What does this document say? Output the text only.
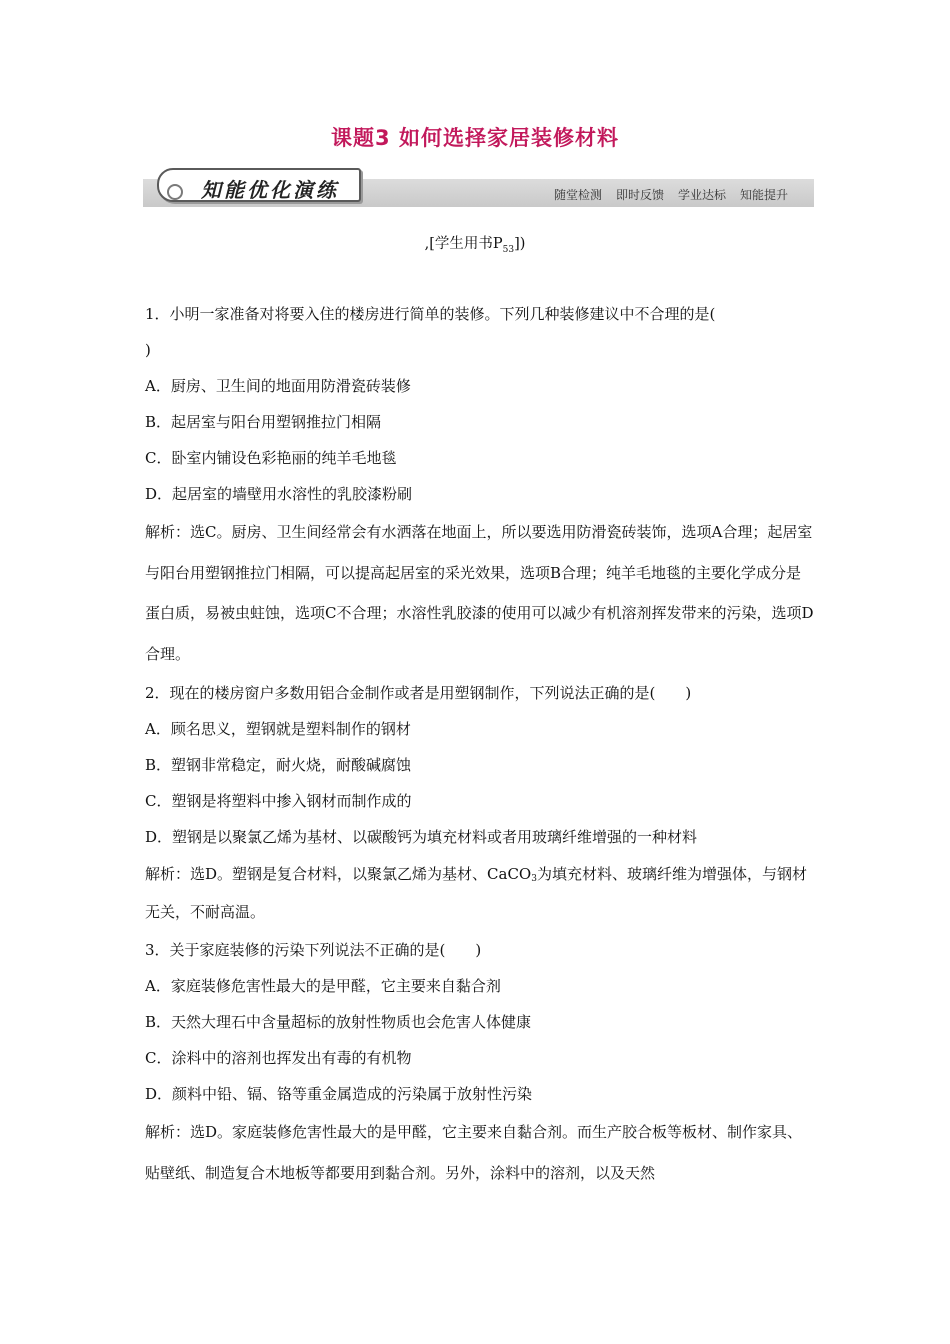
课题3 如何选择家居装修材料
知能优化演练	随堂检测 即时反馈 学业达标 知能提升
,[学生用书$P_{53}$])
1．小明一家准备对将要入住的楼房进行简单的装修。下列几种装修建议中不合理的是(
)
A．厨房、卫生间的地面用防滑瓷砖装修
B．起居室与阳台用塑钢推拉门相隔
C．卧室内铺设色彩艳丽的纯羊毛地毯
D．起居室的墙壁用水溶性的乳胶漆粉刷
解析：选C。厨房、卫生间经常会有水洒落在地面上，所以要选用防滑瓷砖装饰，选项A合理；起居室与阳台用塑钢推拉门相隔，可以提高起居室的采光效果，选项B合理；纯羊毛地毯的主要化学成分是蛋白质，易被虫蛀蚀，选项C不合理；水溶性乳胶漆的使用可以减少有机溶剂挥发带来的污染，选项D合理。
2．现在的楼房窗户多数用铝合金制作或者是用塑钢制作，下列说法正确的是(　　)
A．顾名思义，塑钢就是塑料制作的钢材
B．塑钢非常稳定，耐火烧，耐酸碱腐蚀
C．塑钢是将塑料中掺入钢材而制作成的
D．塑钢是以聚氯乙烯为基材、以碳酸钙为填充材料或者用玻璃纤维增强的一种材料
解析：选D。塑钢是复合材料，以聚氯乙烯为基材、CaCO$_3$为填充材料、玻璃纤维为增强体，与钢材无关，不耐高温。
3．关于家庭装修的污染下列说法不正确的是(　　)
A．家庭装修危害性最大的是甲醛，它主要来自黏合剂
B．天然大理石中含量超标的放射性物质也会危害人体健康
C．涂料中的溶剂也挥发出有毒的有机物
D．颜料中铅、镉、铬等重金属造成的污染属于放射性污染
解析：选D。家庭装修危害性最大的是甲醛，它主要来自黏合剂。而生产胶合板等板材、制作家具、贴壁纸、制造复合木地板等都要用到黏合剂。另外，涂料中的溶剂，以及天然
